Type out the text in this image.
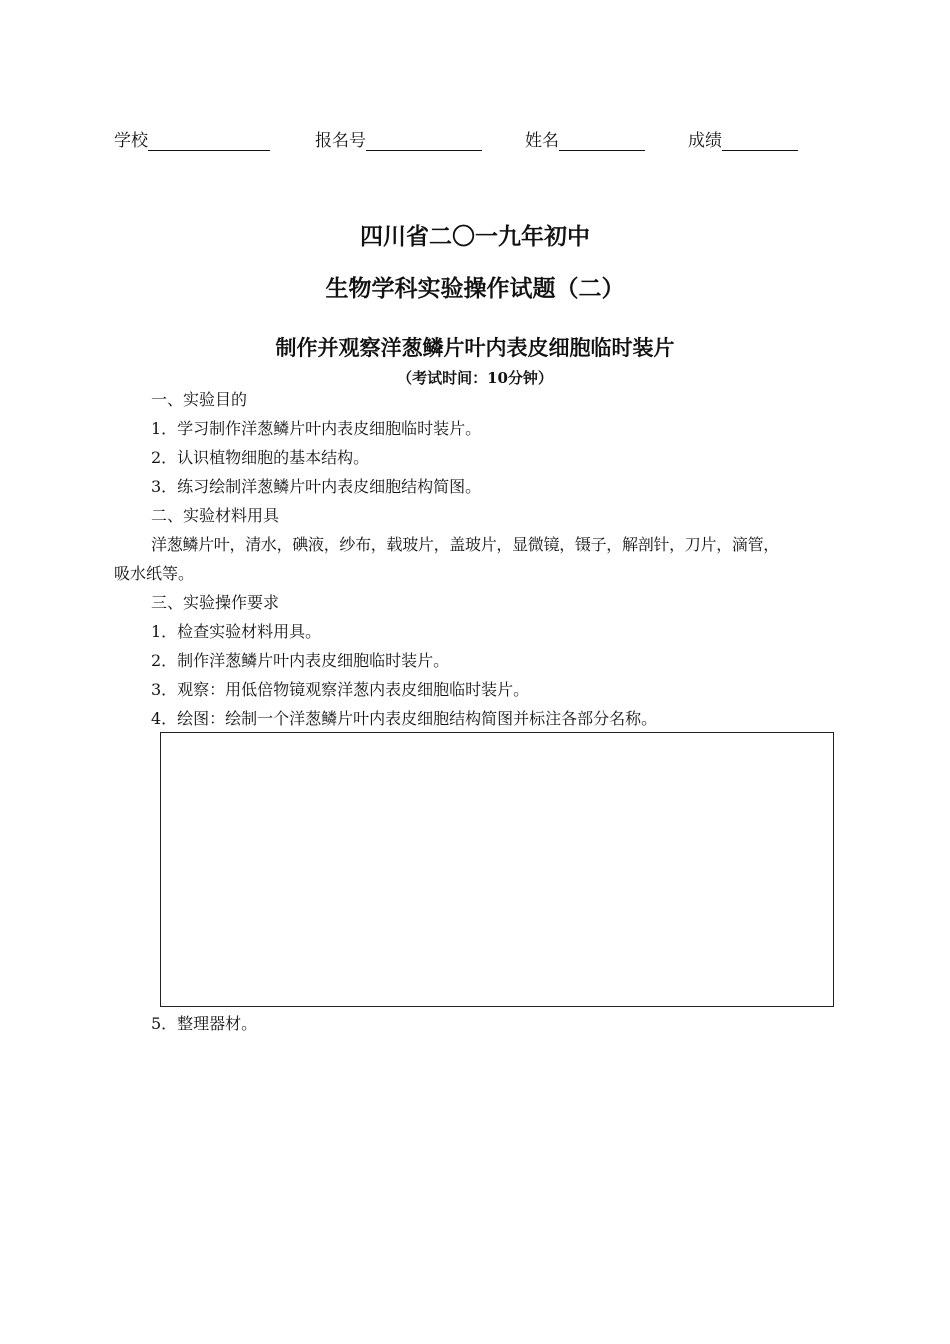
学校	报名号	姓名	成绩
四川省二〇一九年初中
生物学科实验操作试题（二）
制作并观察洋葱鳞片叶内表皮细胞临时装片
（考试时间：10分钟）
一、实验目的
1．学习制作洋葱鳞片叶内表皮细胞临时装片。
2．认识植物细胞的基本结构。
3．练习绘制洋葱鳞片叶内表皮细胞结构简图。
二、实验材料用具
洋葱鳞片叶，清水，碘液，纱布，载玻片，盖玻片，显微镜，镊子，解剖针，刀片，滴管，
吸水纸等。
三、实验操作要求
1．检查实验材料用具。
2．制作洋葱鳞片叶内表皮细胞临时装片。
3．观察：用低倍物镜观察洋葱内表皮细胞临时装片。
4．绘图：绘制一个洋葱鳞片叶内表皮细胞结构简图并标注各部分名称。
5．整理器材。
